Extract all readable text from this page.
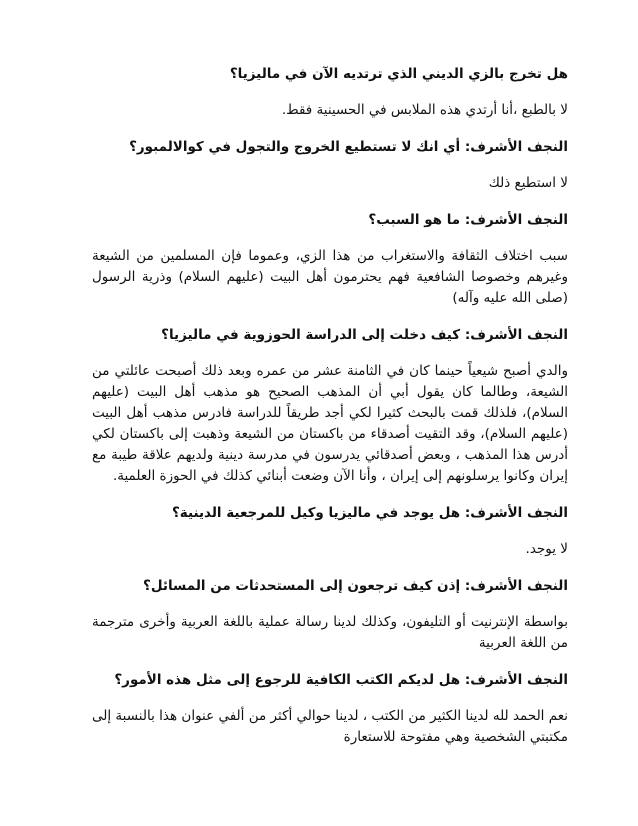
هل تخرج بالزي الديني الذي ترتديه الآن في ماليزيا؟
لا بالطبع ،أنا أرتدي هذه الملابس في الحسينية فقط.
النجف الأشرف:أي انك لا تستطيع الخروج والتجول في كوالالمبور؟
لا استطيع ذلك
النجف الأشرف:ما هو السبب؟
سبب اختلاف الثقافة والاستغراب من هذا الزي، وعموما فإن المسلمين من الشيعة وغيرهم وخصوصا الشافعية فهم يحترمون أهل البيت (عليهم السلام) وذرية الرسول (صلى الله عليه وآله)
النجف الأشرف:كيف دخلت إلى الدراسة الحوزوية في ماليزيا؟
والدي أصبح شيعياً حينما كان في الثامنة عشر من عمره وبعد ذلك أصبحت عائلتي من الشيعة، وطالما كان يقول أبي أن المذهب الصحيح هو مذهب أهل البيت (عليهم السلام)، فلذلك قمت بالبحث كثيرا لكي أجد طريقاً للدراسة فادرس مذهب أهل البيت (عليهم السلام)، وقد التقيت أصدقاء من باكستان من الشيعة وذهبت إلى باكستان لكي أدرس هذا المذهب ، وبعض أصدقائي يدرسون في مدرسة دينية ولديهم علاقة طيبة مع إيران وكانوا يرسلونهم إلى إيران ، وأنا الآن وضعت أبنائي كذلك في الحوزة العلمية.
النجف الأشرف:هل يوجد في ماليزيا وكيل للمرجعية الدينية؟
لا يوجد.
النجف الأشرف:إذن كيف ترجعون إلى المستحدثات من المسائل؟
بواسطة الإنترنيت أو التليفون، وكذلك لدينا رسالة عملية باللغة العربية وأخرى مترجمة من اللغة العربية
النجف الأشرف:هل لديكم الكتب الكافية للرجوع إلى مثل هذه الأمور؟
نعم الحمد لله لدينا الكثير من الكتب ، لدينا حوالي أكثر من ألفي عنوان هذا بالنسبة إلى مكتبتي الشخصية وهي مفتوحة للاستعارة
